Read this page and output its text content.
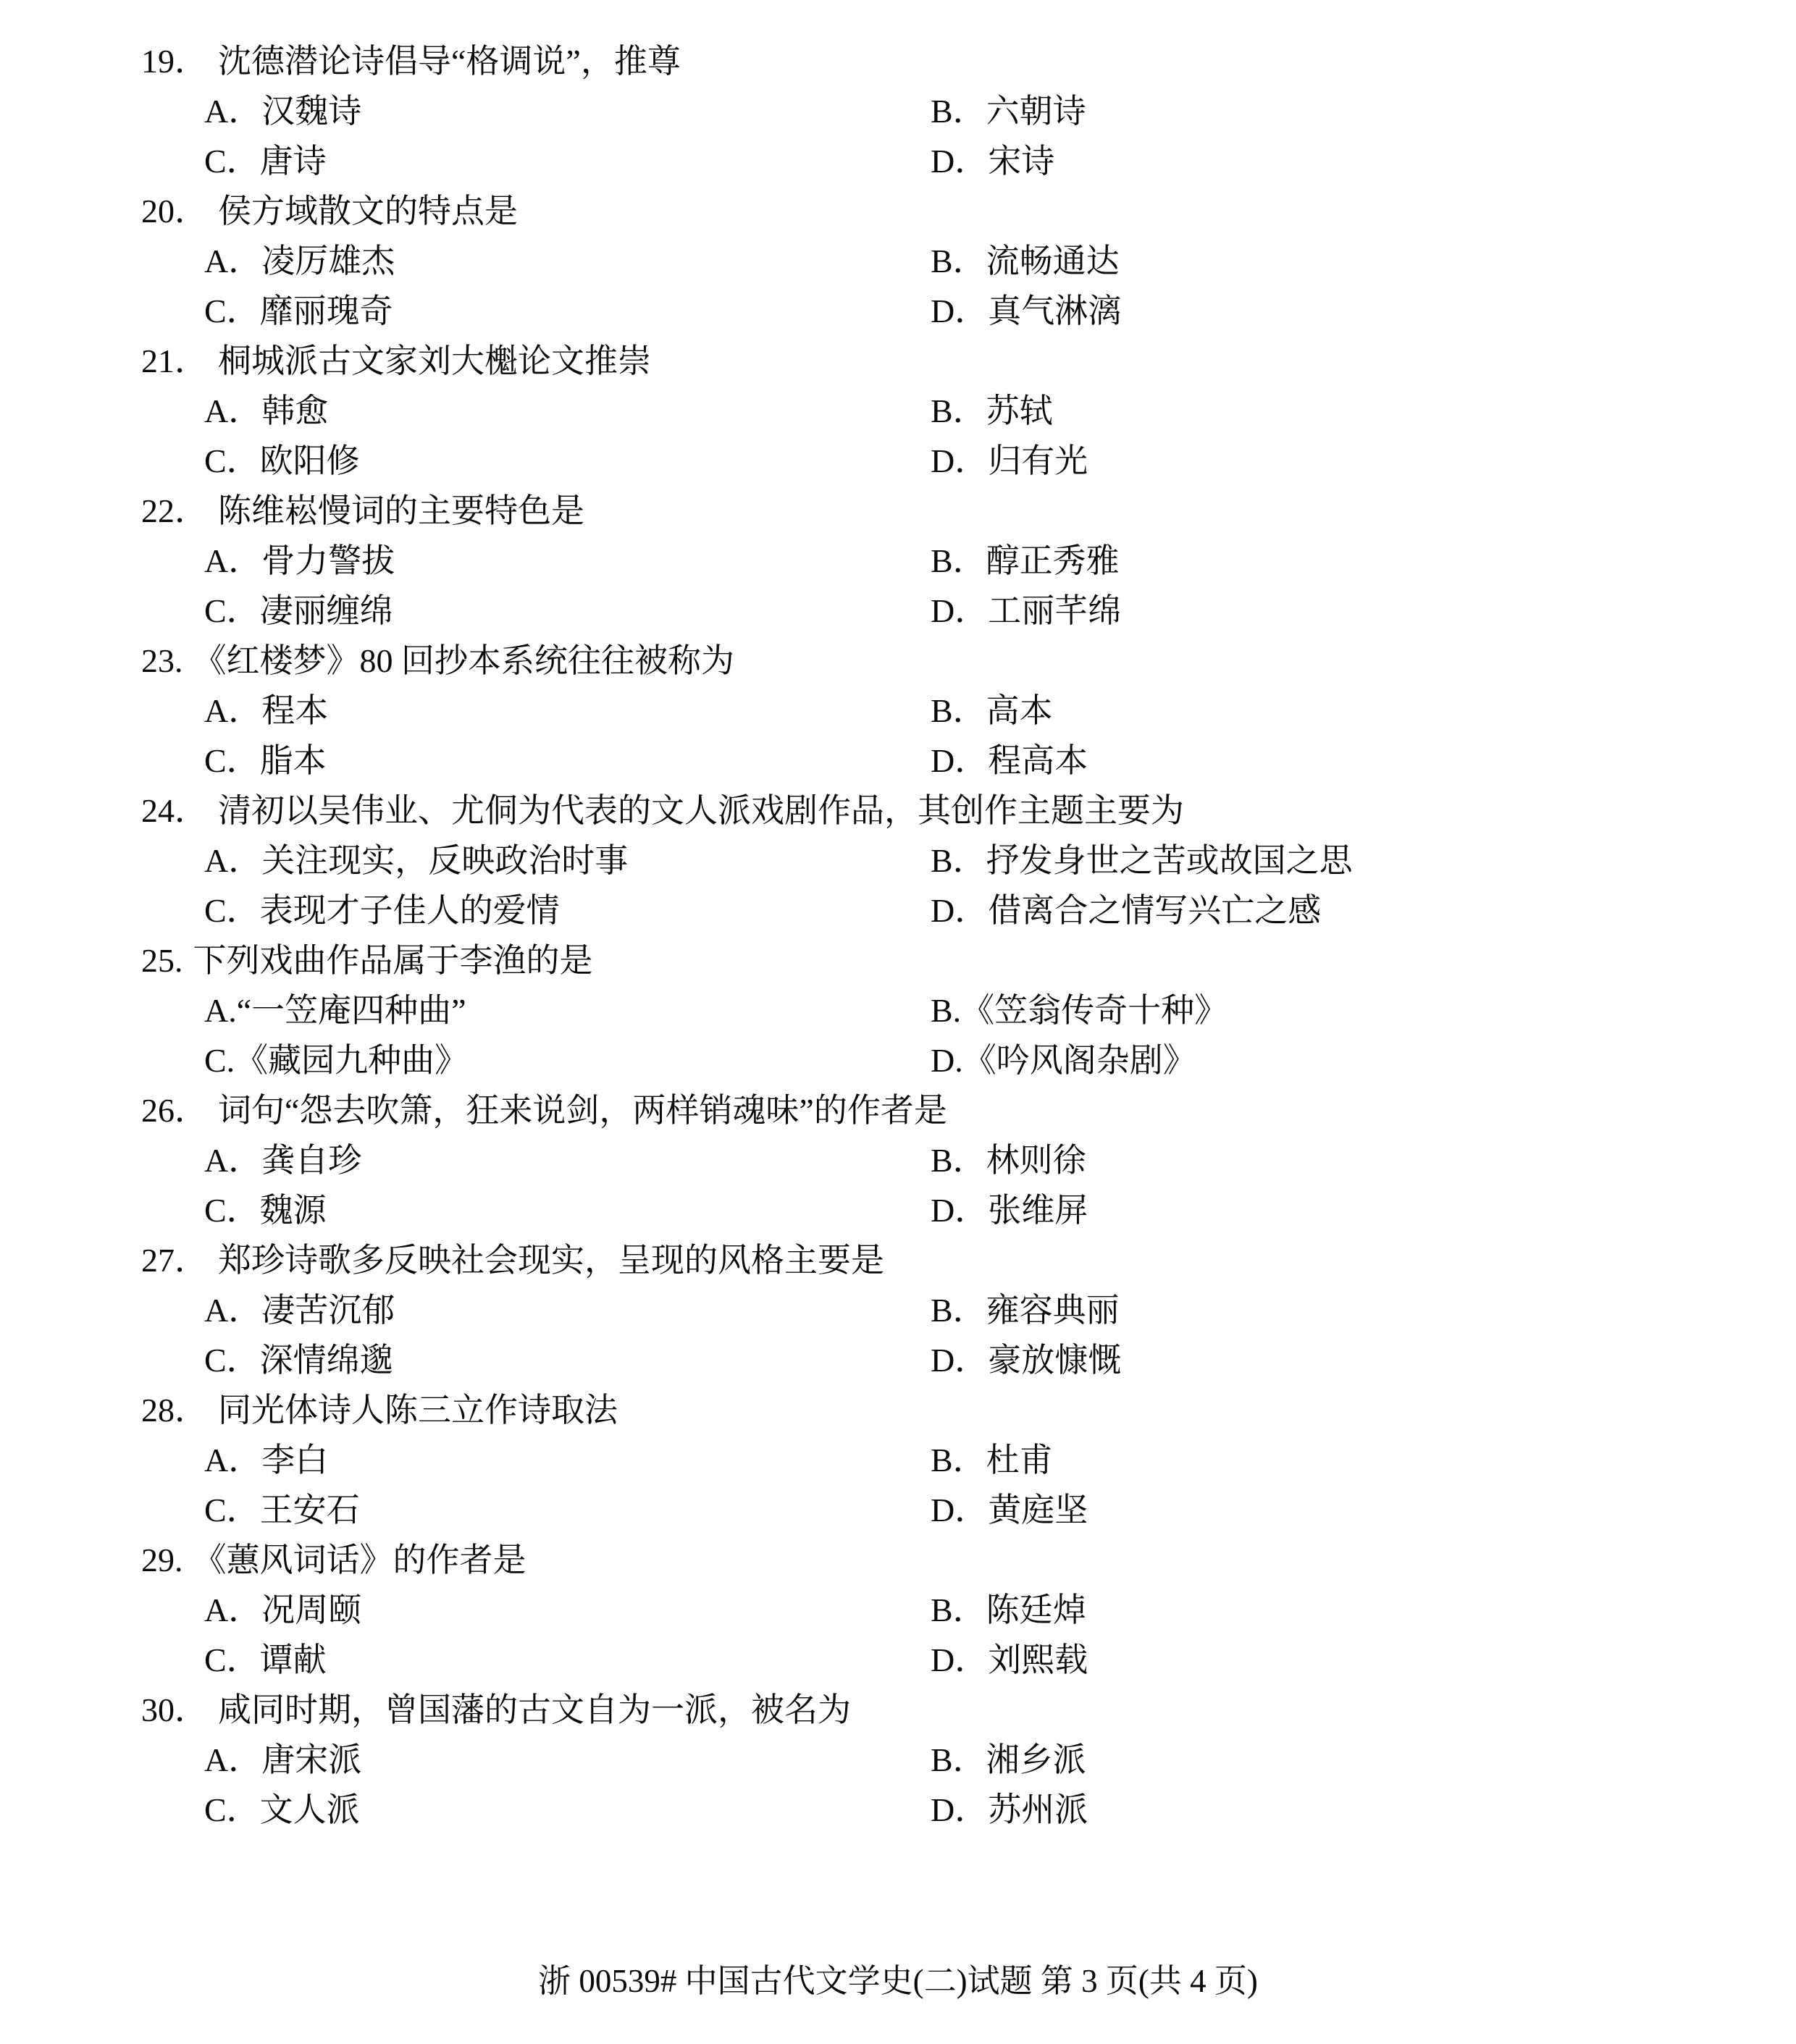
19． 沈德潜论诗倡导“格调说”，推尊
A．汉魏诗	B．六朝诗
C．唐诗	D．宋诗
20． 侯方域散文的特点是
A．凌厉雄杰	B．流畅通达
C．靡丽瑰奇	D．真气淋漓
21． 桐城派古文家刘大櫆论文推崇
A．韩愈	B．苏轼
C．欧阳修	D．归有光
22． 陈维崧慢词的主要特色是
A．骨力警拔	B．醇正秀雅
C．凄丽缠绵	D．工丽芊绵
23. 《红楼梦》80 回抄本系统往往被称为
A．程本	B．高本
C．脂本	D．程高本
24． 清初以吴伟业、尤侗为代表的文人派戏剧作品，其创作主题主要为
A．关注现实，反映政治时事	B．抒发身世之苦或故国之思
C．表现才子佳人的爱情	D．借离合之情写兴亡之感
25. 下列戏曲作品属于李渔的是
A.“一笠庵四种曲”	B.《笠翁传奇十种》
C.《藏园九种曲》	D.《吟风阁杂剧》
26． 词句“怨去吹箫，狂来说剑，两样销魂味”的作者是
A．龚自珍	B．林则徐
C．魏源	D．张维屏
27． 郑珍诗歌多反映社会现实，呈现的风格主要是
A．凄苦沉郁	B．雍容典丽
C．深情绵邈	D．豪放慷慨
28． 同光体诗人陈三立作诗取法
A．李白	B．杜甫
C．王安石	D．黄庭坚
29. 《蕙风词话》的作者是
A．况周颐	B．陈廷焯
C．谭献	D．刘熙载
30． 咸同时期，曾国藩的古文自为一派，被名为
A．唐宋派	B．湘乡派
C．文人派	D．苏州派
浙 00539# 中国古代文学史(二)试题 第 3 页(共 4 页)
